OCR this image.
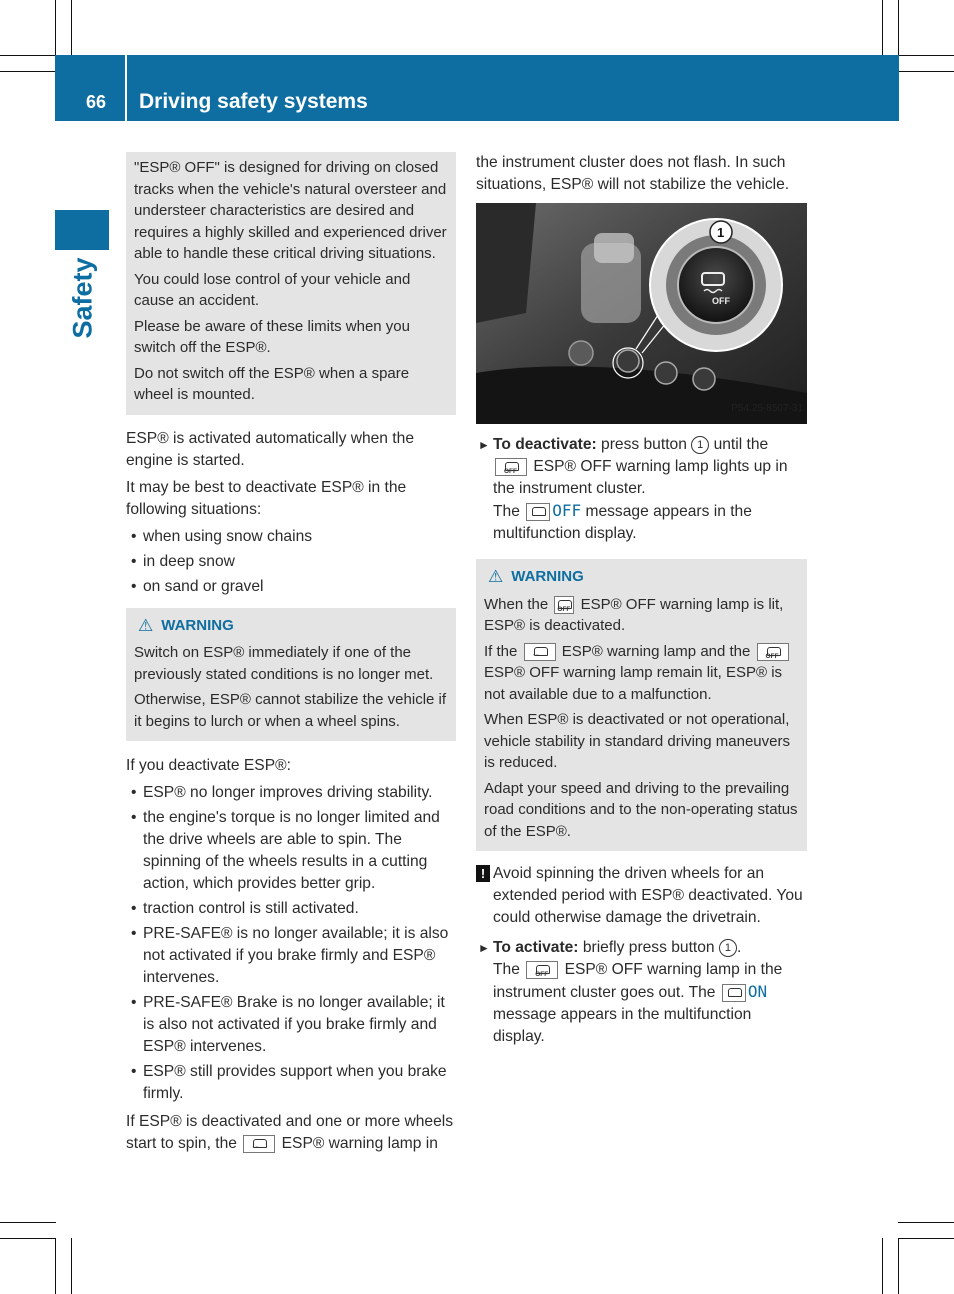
66 Driving safety systems
Safety

"ESP® OFF" is designed for driving on closed tracks when the vehicle's natural oversteer and understeer characteristics are desired and requires a highly skilled and experienced driver able to handle these critical driving situations.

You could lose control of your vehicle and cause an accident.

Please be aware of these limits when you switch off the ESP®.

Do not switch off the ESP® when a spare wheel is mounted.

ESP® is activated automatically when the engine is started.

It may be best to deactivate ESP® in the following situations:

• when using snow chains
• in deep snow
• on sand or gravel
⚠ WARNING

Switch on ESP® immediately if one of the previously stated conditions is no longer met.

Otherwise, ESP® cannot stabilize the vehicle if it begins to lurch or when a wheel spins.

If you deactivate ESP®:

• ESP® no longer improves driving stability.
• the engine's torque is no longer limited and the drive wheels are able to spin. The spinning of the wheels results in a cutting action, which provides better grip.
• traction control is still activated.
• PRE-SAFE® is no longer available; it is also not activated if you brake firmly and ESP® intervenes.
• PRE-SAFE® Brake is no longer available; it is also not activated if you brake firmly and ESP® intervenes.
• ESP® still provides support when you brake firmly.

If ESP® is deactivated and one or more wheels start to spin, the	~~ ESP® warning lamp in

the instrument cluster does not flash. In such situations, ESP® will not stabilize the vehicle.

OFF
1
P54.25-8507-31
► To deactivate: press button 1 until the
OFF ESP® OFF warning lamp lights up in the instrument cluster.
The OFF message appears in the multifunction display.
⚠ WARNING

When the OFF ESP® OFF warning lamp is lit, ESP® is deactivated.

If the	~~ ESP® warning lamp and the OFF
ESP® OFF warning lamp remain lit, ESP® is not available due to a malfunction.

When ESP® is deactivated or not operational, vehicle stability in standard driving maneuvers is reduced.

Adapt your speed and driving to the prevailing road conditions and to the non-operating status of the ESP®.

! Avoid spinning the driven wheels for an extended period with ESP® deactivated. You could otherwise damage the drivetrain.
► To activate: briefly press button 1 .
The OFF ESP® OFF warning lamp in the instrument cluster goes out. The ON message appears in the multifunction display.
